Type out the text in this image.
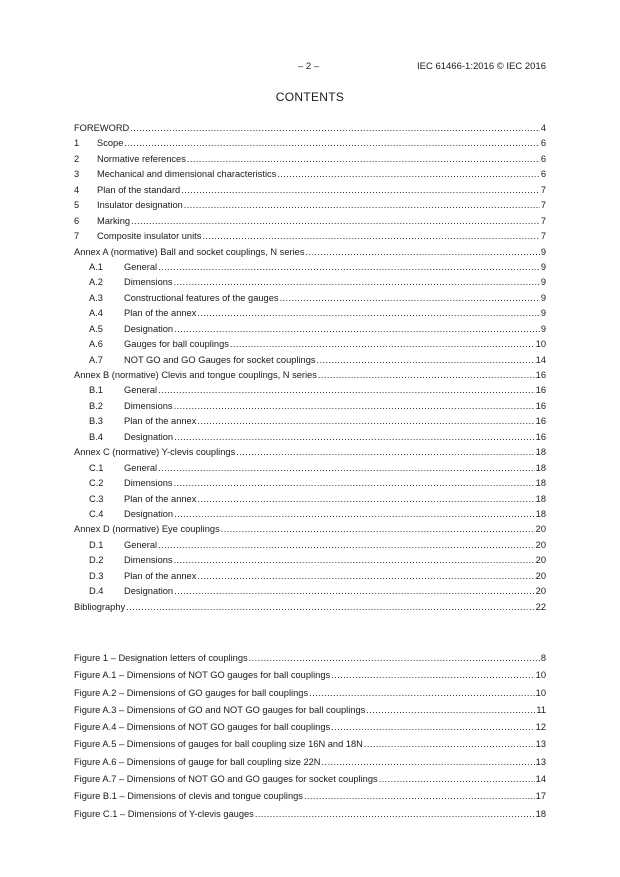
– 2 –	IEC 61466-1:2016 © IEC 2016
CONTENTS
FOREWORD .....	4
1	Scope .....	6
2	Normative references .....	6
3	Mechanical and dimensional characteristics .....	6
4	Plan of the standard .....	7
5	Insulator designation .....	7
6	Marking .....	7
7	Composite insulator units .....	7
Annex A (normative) Ball and socket couplings, N series .....	9
A.1	General .....	9
A.2	Dimensions .....	9
A.3	Constructional features of the gauges .....	9
A.4	Plan of the annex .....	9
A.5	Designation .....	9
A.6	Gauges for ball couplings .....	10
A.7	NOT GO and GO Gauges for socket couplings .....	14
Annex B (normative) Clevis and tongue couplings, N series .....	16
B.1	General .....	16
B.2	Dimensions .....	16
B.3	Plan of the annex .....	16
B.4	Designation .....	16
Annex C (normative) Y-clevis couplings .....	18
C.1	General .....	18
C.2	Dimensions .....	18
C.3	Plan of the annex .....	18
C.4	Designation .....	18
Annex D (normative) Eye couplings .....	20
D.1	General .....	20
D.2	Dimensions .....	20
D.3	Plan of the annex .....	20
D.4	Designation .....	20
Bibliography .....	22
Figure 1 – Designation letters of couplings .....	8
Figure A.1 – Dimensions of NOT GO gauges for ball couplings .....	10
Figure A.2 – Dimensions of GO gauges for ball couplings .....	10
Figure A.3 – Dimensions of GO and NOT GO gauges for ball couplings .....	11
Figure A.4 – Dimensions of NOT GO gauges for ball couplings .....	12
Figure A.5 – Dimensions of gauges for ball coupling size 16N and 18N .....	13
Figure A.6 – Dimensions of gauge for ball coupling size 22N .....	13
Figure A.7 – Dimensions of NOT GO and GO gauges for socket couplings .....	14
Figure B.1 – Dimensions of clevis and tongue couplings .....	17
Figure C.1 – Dimensions of Y-clevis gauges .....	18
